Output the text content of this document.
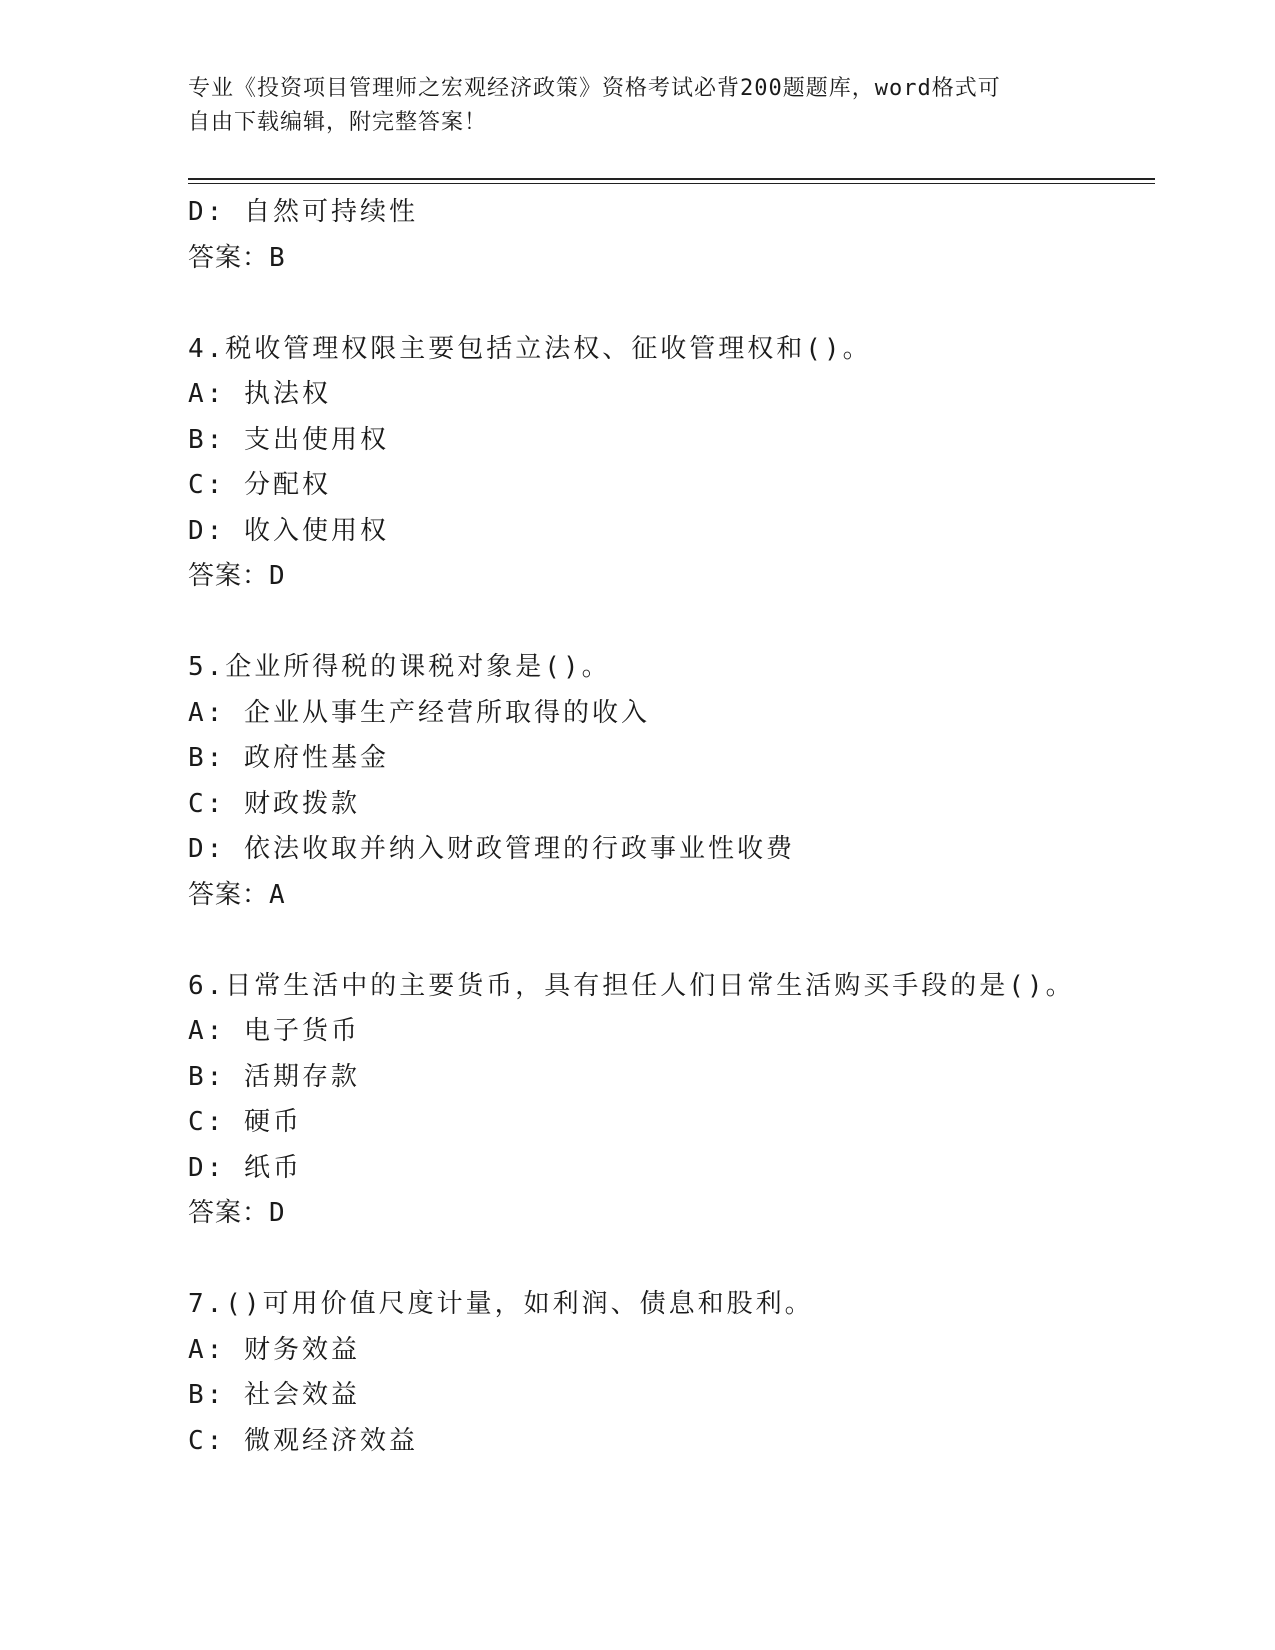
专业《投资项目管理师之宏观经济政策》资格考试必背200题题库，word格式可
自由下载编辑，附完整答案！
D: 自然可持续性
答案：B
4.税收管理权限主要包括立法权、征收管理权和()。
A: 执法权
B: 支出使用权
C: 分配权
D: 收入使用权
答案：D
5.企业所得税的课税对象是()。
A: 企业从事生产经营所取得的收入
B: 政府性基金
C: 财政拨款
D: 依法收取并纳入财政管理的行政事业性收费
答案：A
6.日常生活中的主要货币，具有担任人们日常生活购买手段的是()。
A: 电子货币
B: 活期存款
C: 硬币
D: 纸币
答案：D
7.()可用价值尺度计量，如利润、债息和股利。
A: 财务效益
B: 社会效益
C: 微观经济效益
